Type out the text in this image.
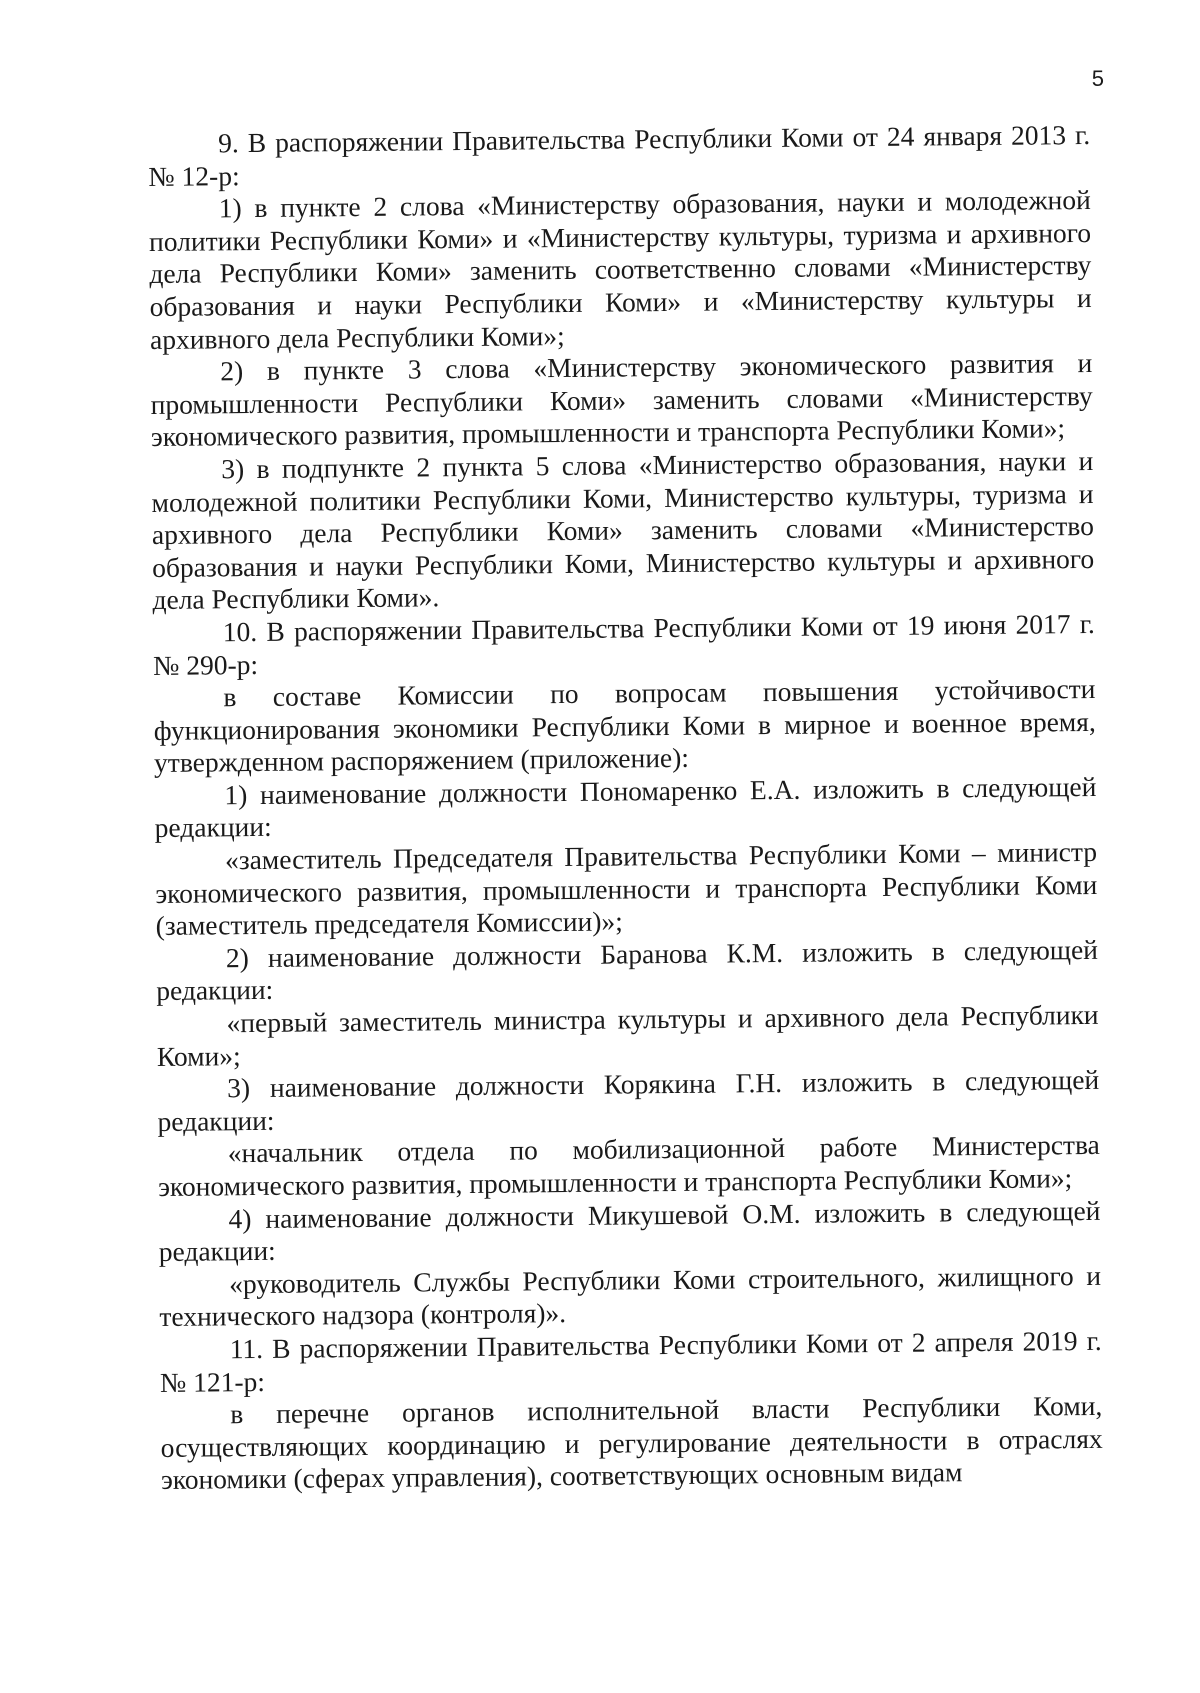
5

9. В распоряжении Правительства Республики Коми от 24 января 2013 г. № 12-р:

1) в пункте 2 слова «Министерству образования, науки и молодежной политики Республики Коми» и «Министерству культуры, туризма и архивного дела Республики Коми» заменить соответственно словами «Министерству образования и науки Республики Коми» и «Министерству культуры и архивного дела Республики Коми»;

2) в пункте 3 слова «Министерству экономического развития и промышленности Республики Коми» заменить словами «Министерству экономического развития, промышленности и транспорта Республики Коми»;

3) в подпункте 2 пункта 5 слова «Министерство образования, науки и молодежной политики Республики Коми, Министерство культуры, туризма и архивного дела Республики Коми» заменить словами «Министерство образования и науки Республики Коми, Министерство культуры и архивного дела Республики Коми».

10. В распоряжении Правительства Республики Коми от 19 июня 2017 г. № 290-р:

в составе Комиссии по вопросам повышения устойчивости функционирования экономики Республики Коми в мирное и военное время, утвержденном распоряжением (приложение):

1) наименование должности Пономаренко Е.А. изложить в следующей редакции:

«заместитель Председателя Правительства Республики Коми – министр экономического развития, промышленности и транспорта Республики Коми (заместитель председателя Комиссии)»;

2) наименование должности Баранова К.М. изложить в следующей редакции:

«первый заместитель министра культуры и архивного дела Республики Коми»;

3) наименование должности Корякина Г.Н. изложить в следующей редакции:

«начальник отдела по мобилизационной работе Министерства экономического развития, промышленности и транспорта Республики Коми»;

4) наименование должности Микушевой О.М. изложить в следующей редакции:

«руководитель Службы Республики Коми строительного, жилищного и технического надзора (контроля)».

11. В распоряжении Правительства Республики Коми от 2 апреля 2019 г. № 121-р:

в перечне органов исполнительной власти Республики Коми, осуществляющих координацию и регулирование деятельности в отраслях экономики (сферах управления), соответствующих основным видам
